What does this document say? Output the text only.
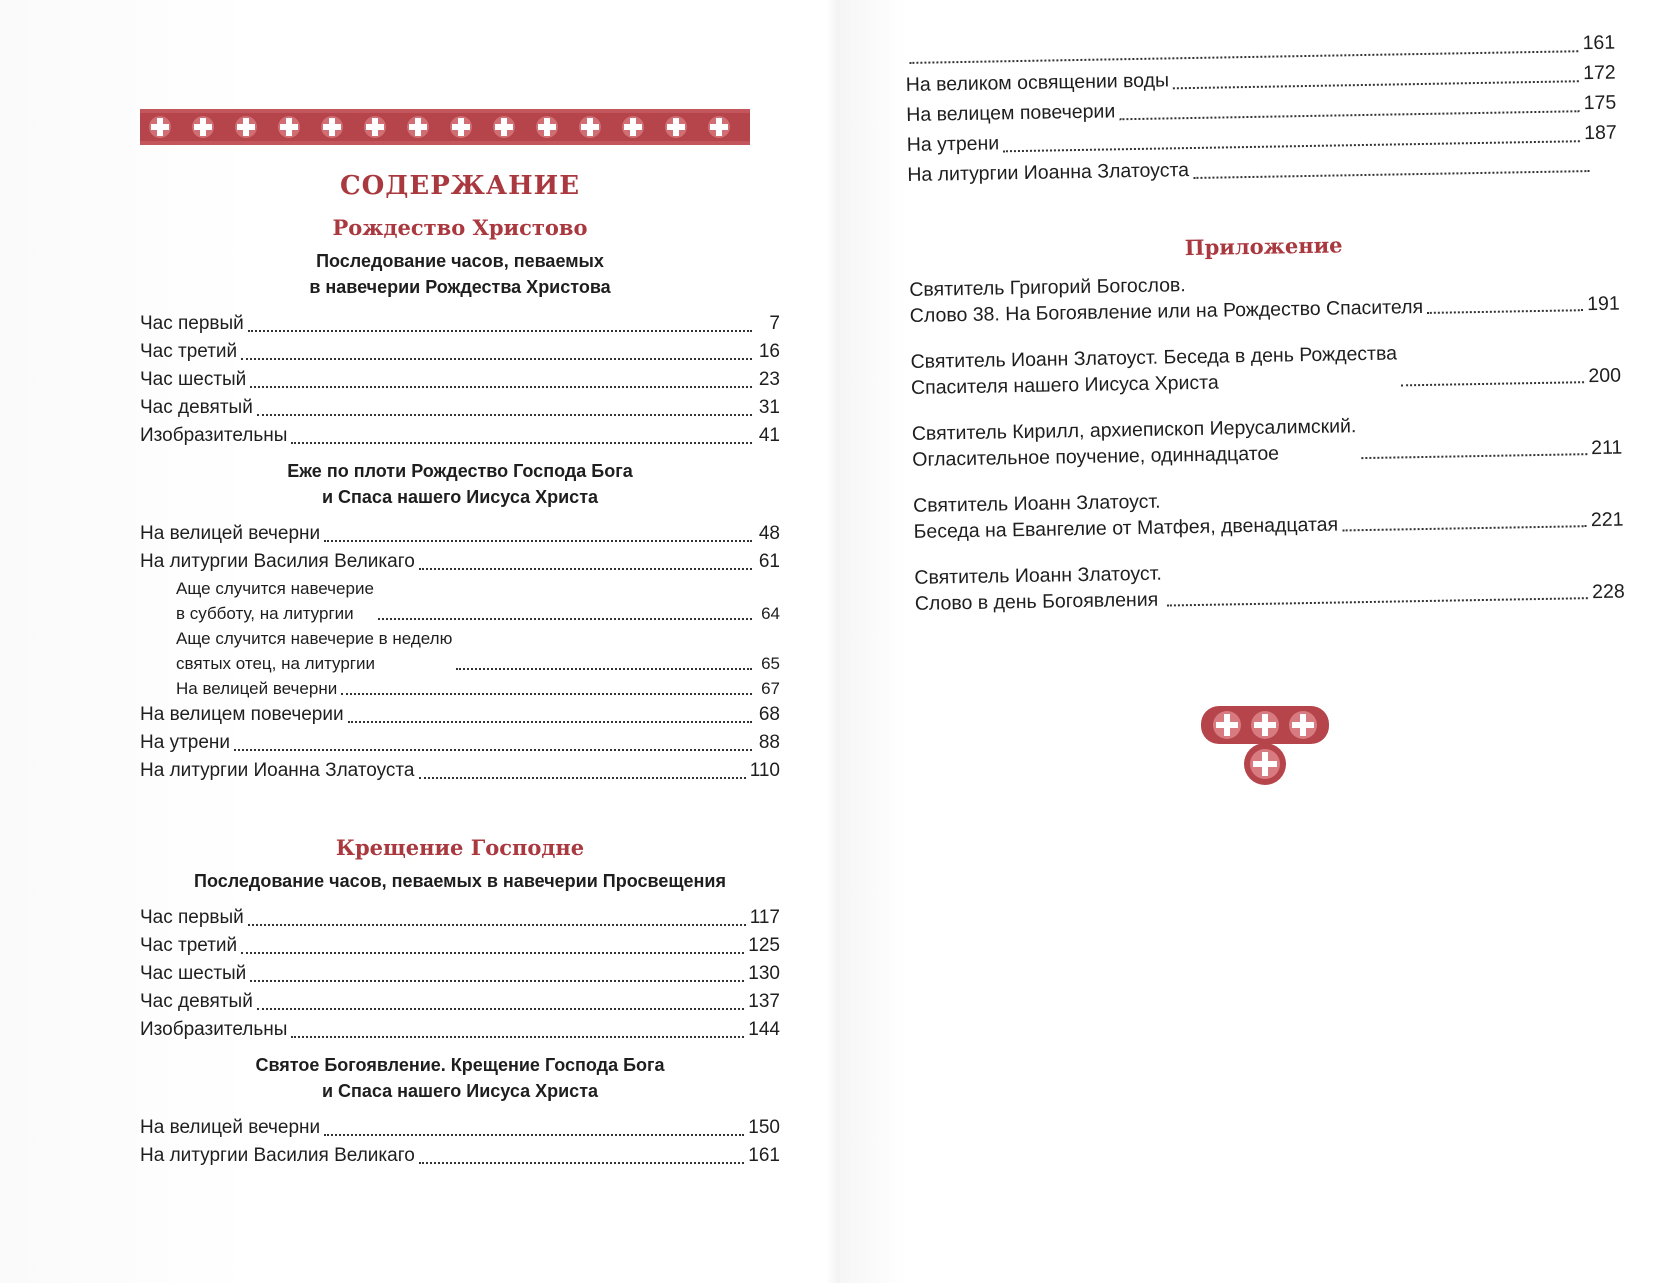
СОДЕРЖАНИЕ
Рождество Христово
Последование часов, певаемых
в навечерии Рождества Христова
Час первый	7
Час третий	16
Час шестый	23
Час девятый	31
Изобразительны	41
Еже по плоти Рождество Господа Бога
и Спаса нашего Иисуса Христа
На велицей вечерни	48
На литургии Василия Великаго	61
Аще случится навечерие
в субботу, на литургии	64
Аще случится навечерие в неделю
святых отец, на литургии	65
На велицей вечерни	67
На велицем повечерии	68
На утрени	88
На литургии Иоанна Златоуста	110
Крещение Господне
Последование часов, певаемых в навечерии Просвещения
Час первый	117
Час третий	125
Час шестый	130
Час девятый	137
Изобразительны	144
Святое Богоявление. Крещение Господа Бога
и Спаса нашего Иисуса Христа
На велицей вечерни	150
На литургии Василия Великаго	161
161
На великом освящении воды	172
На велицем повечерии	175
На утрени	187
На литургии Иоанна Златоуста
Приложение
Святитель Григорий Богослов.
Слово 38. На Богоявление или на Рождество Спасителя	191
Святитель Иоанн Златоуст. Беседа в день Рождества
Спасителя нашего Иисуса Христа	200
Святитель Кирилл, архиепископ Иерусалимский.
Огласительное поучение, одиннадцатое	211
Святитель Иоанн Златоуст.
Беседа на Евангелие от Матфея, двенадцатая	221
Святитель Иоанн Златоуст.
Слово в день Богоявления	228
